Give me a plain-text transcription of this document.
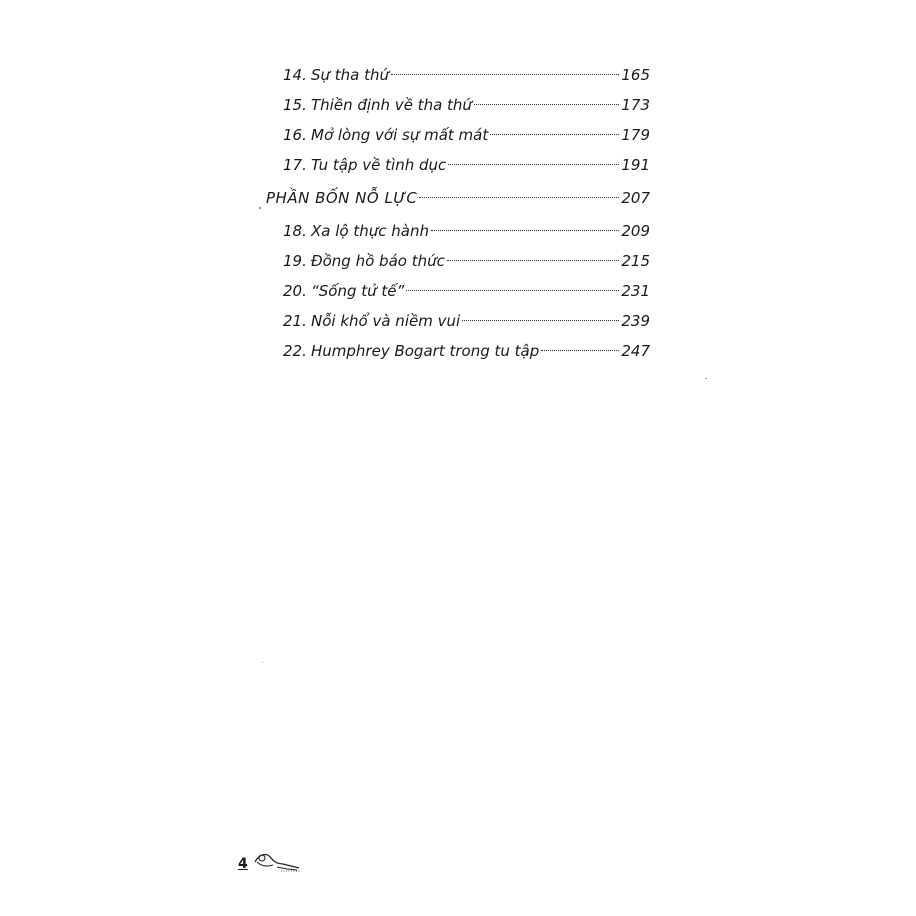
14. Sự tha thứ	165
15. Thiền định về tha thứ	173
16. Mở lòng với sự mất mát	179
17. Tu tập về tình dục	191
PHẦN BỐN NỖ LỰC	207
18. Xa lộ thực hành	209
19. Đồng hồ báo thức	215
20. “Sống tử tế”	231
21. Nỗi khổ và niềm vui	239
22. Humphrey Bogart trong tu tập	247
4
